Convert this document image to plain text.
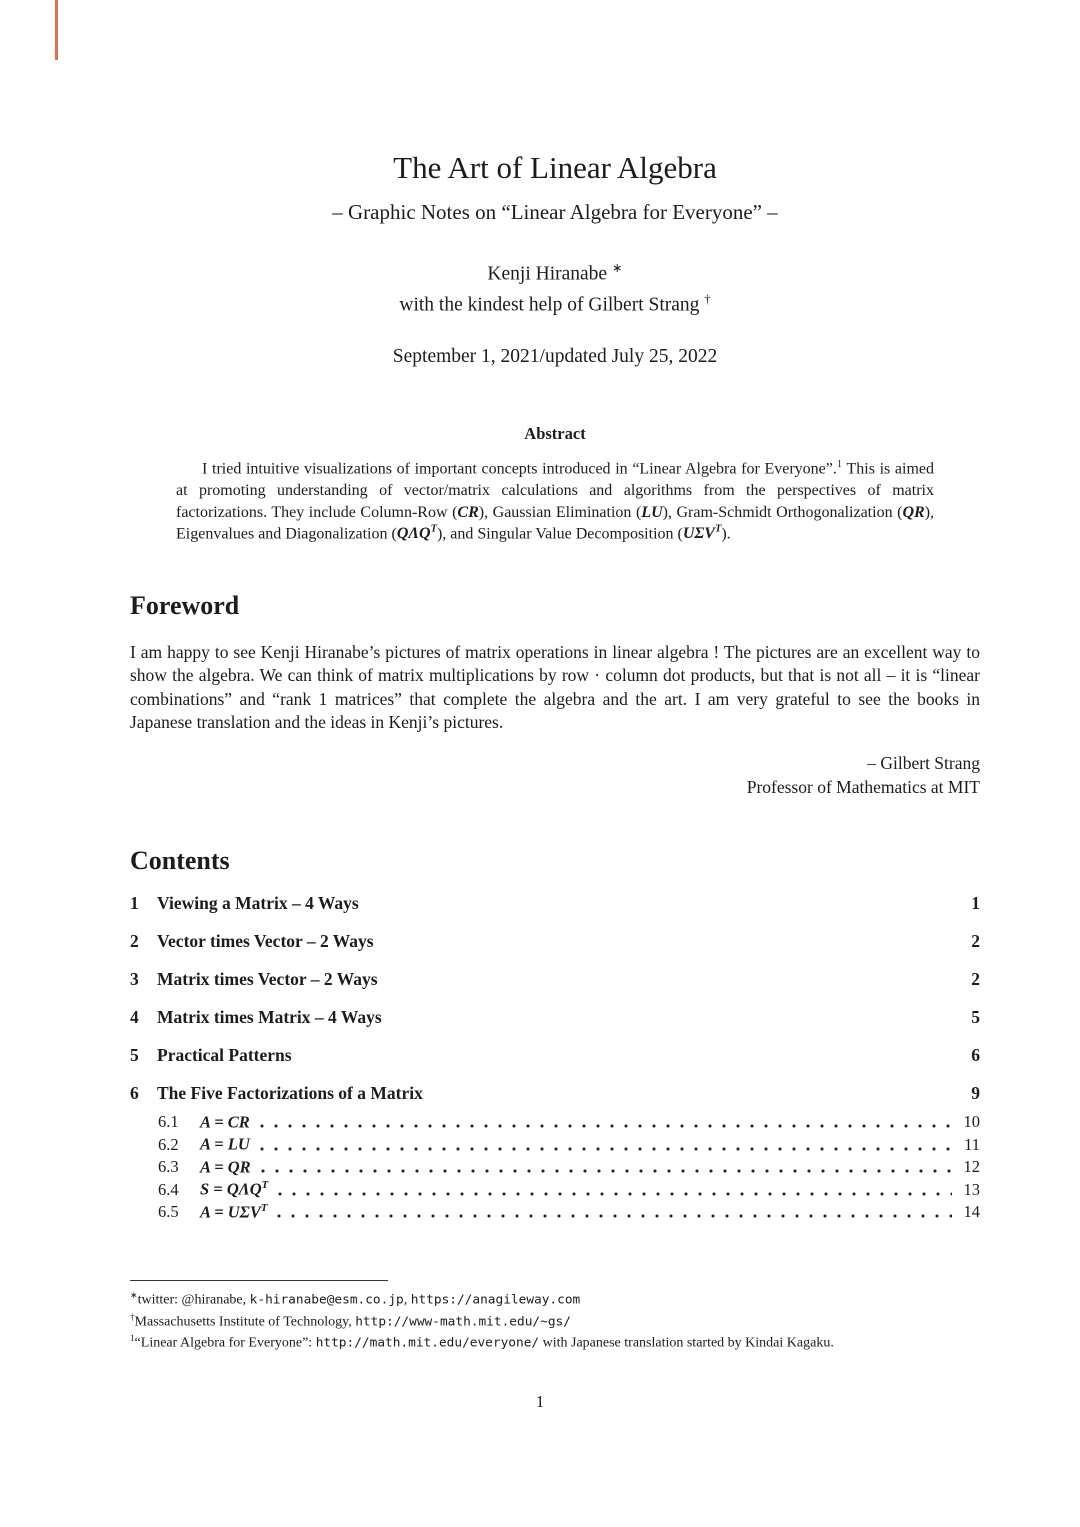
The Art of Linear Algebra
– Graphic Notes on “Linear Algebra for Everyone” –
Kenji Hiranabe ∗
with the kindest help of Gilbert Strang †
September 1, 2021/updated July 25, 2022
Abstract

I tried intuitive visualizations of important concepts introduced in “Linear Algebra for Everyone”.$^1$ This is aimed at promoting understanding of vector/matrix calculations and algorithms from the perspectives of matrix factorizations. They include Column-Row (CR), Gaussian Elimination (LU), Gram-Schmidt Orthogonalization (QR), Eigenvalues and Diagonalization $(Q\Lambda Q^T)$, and Singular Value Decomposition $(U\Sigma V^T)$.

Foreword

I am happy to see Kenji Hiranabe’s pictures of matrix operations in linear algebra ! The pictures are an excellent way to show the algebra. We can think of matrix multiplications by row · column dot products, but that is not all – it is “linear combinations” and “rank 1 matrices” that complete the algebra and the art. I am very grateful to see the books in Japanese translation and the ideas in Kenji’s pictures.

– Gilbert Strang
Professor of Mathematics at MIT
Contents
1	Viewing a Matrix – 4 Ways	1
2	Vector times Vector – 2 Ways	2
3	Matrix times Vector – 2 Ways	2
4	Matrix times Matrix – 4 Ways	5
5	Practical Patterns	6
6	The Five Factorizations of a Matrix	9
6.1	A = CR	10
6.2	A = LU	11
6.3	A = QR	12
6.4	$S = Q\Lambda Q^T$	13
6.5	$A = U\Sigma V^T$	14
∗twitter: @hiranabe, k-hiranabe@esm.co.jp, https://anagileway.com
†Massachusetts Institute of Technology, http://www-math.mit.edu/~gs/
$^1$“Linear Algebra for Everyone”: http://math.mit.edu/everyone/ with Japanese translation started by Kindai Kagaku.
1
